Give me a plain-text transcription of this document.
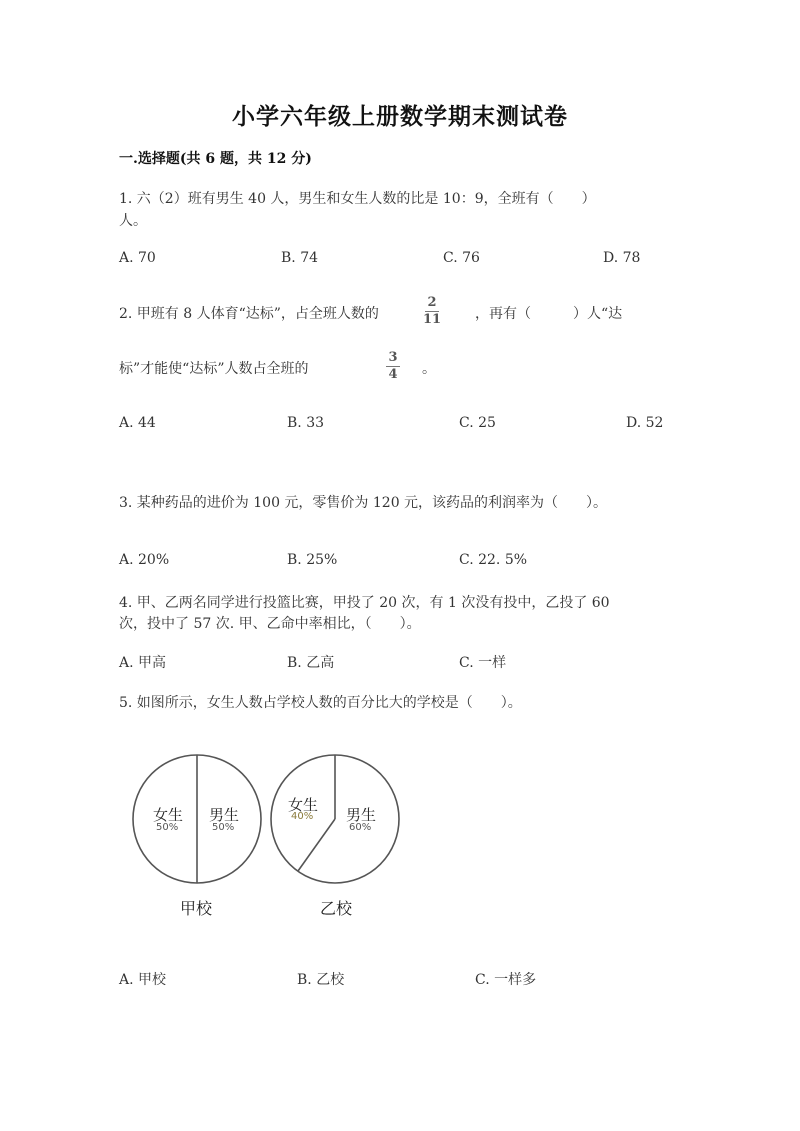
小学六年级上册数学期末测试卷
一.选择题(共 6 题，共 12 分)
1. 六（2）班有男生 40 人，男生和女生人数的比是 10：9，全班有（　　）
人。
A. 70	B. 74	C. 76	D. 78
2. 甲班有 8 人体育“达标”，占全班人数的
2
11 ，再有（　　　）人“达
标”才能使“达标”人数占全班的
3
4 。
A. 44	B. 33	C. 25	D. 52
3. 某种药品的进价为 100 元，零售价为 120 元，该药品的利润率为（　　）。
A. 20%	B. 25%	C. 22. 5%
4. 甲、乙两名同学进行投篮比赛，甲投了 20 次，有 1 次没有投中，乙投了 60
次，投中了 57 次. 甲、乙命中率相比，（　　）。
A. 甲高	B. 乙高	C. 一样
5. 如图所示，女生人数占学校人数的百分比大的学校是（　　）。
女生
50%
男生
50%
女生
40% 男生
60%
甲校	乙校
A. 甲校	B. 乙校	C. 一样多
